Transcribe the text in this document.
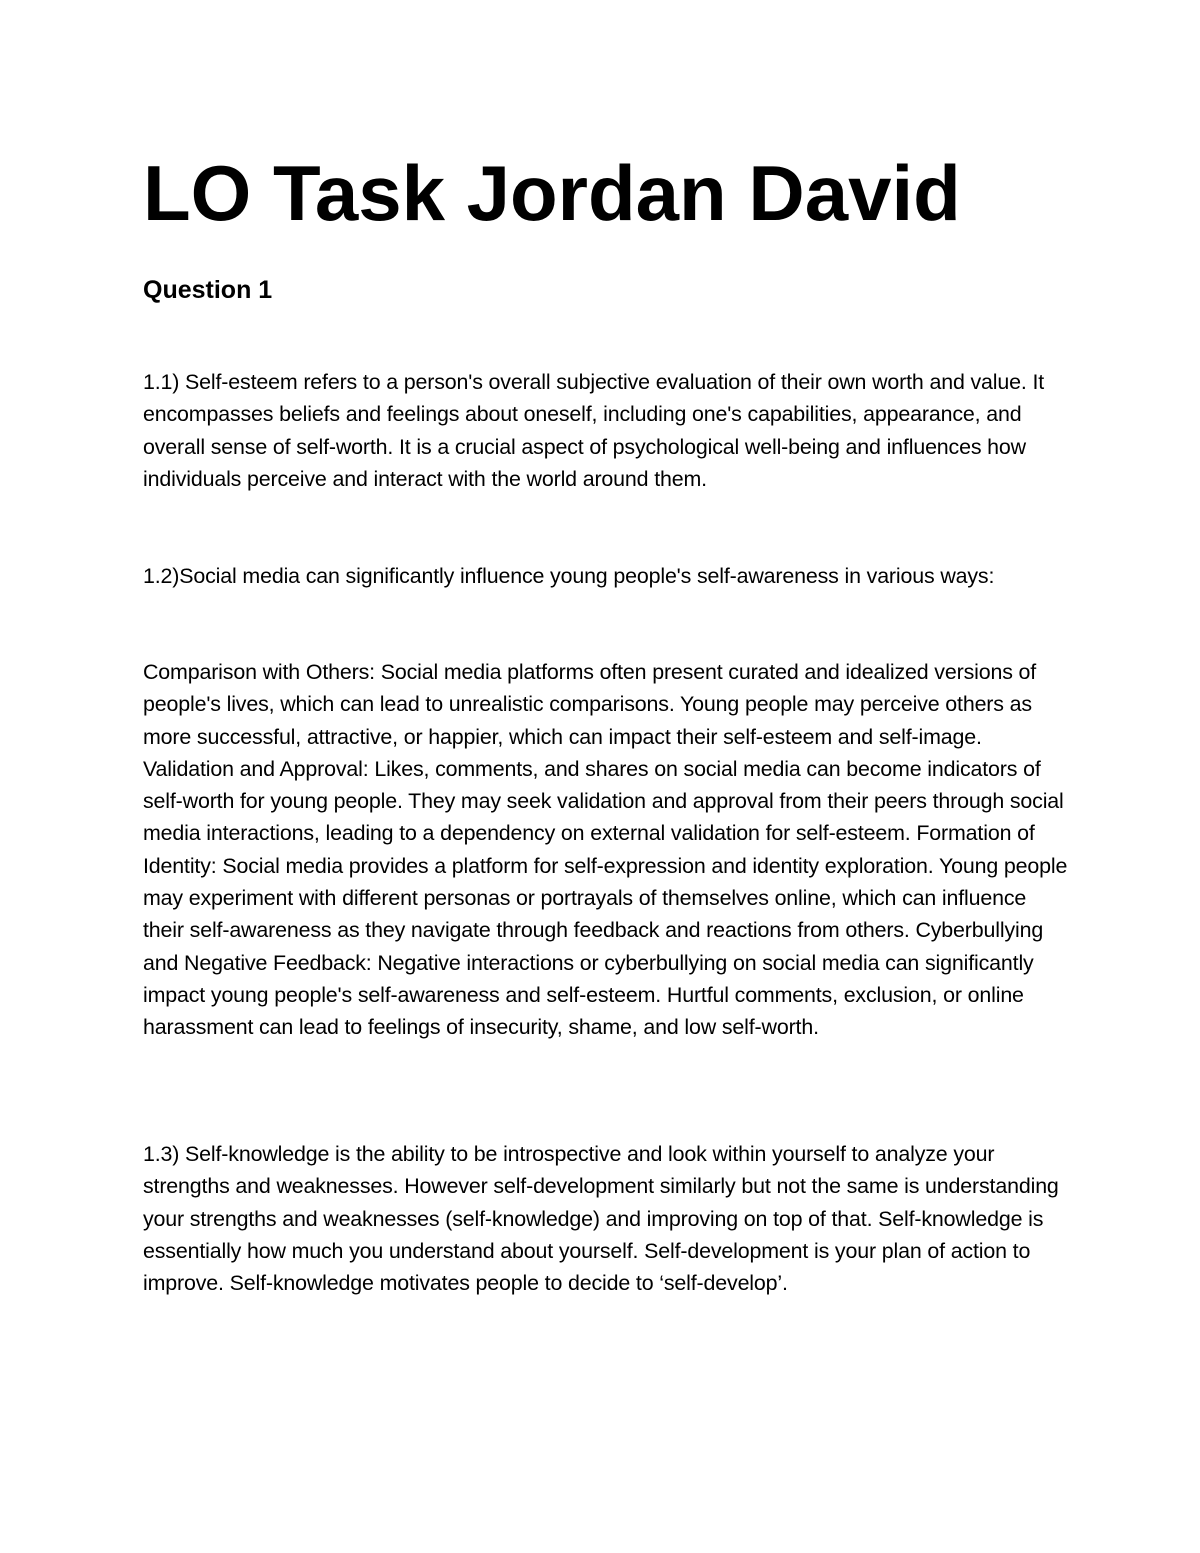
LO Task Jordan David
Question 1

1.1) Self-esteem refers to a person's overall subjective evaluation of their own worth and value. It encompasses beliefs and feelings about oneself, including one's capabilities, appearance, and overall sense of self-worth. It is a crucial aspect of psychological well-being and influences how individuals perceive and interact with the world around them.

1.2)Social media can significantly influence young people's self-awareness in various ways:

Comparison with Others: Social media platforms often present curated and idealized versions of people's lives, which can lead to unrealistic comparisons. Young people may perceive others as more successful, attractive, or happier, which can impact their self-esteem and self-image. Validation and Approval: Likes, comments, and shares on social media can become indicators of self-worth for young people. They may seek validation and approval from their peers through social media interactions, leading to a dependency on external validation for self-esteem. Formation of Identity: Social media provides a platform for self-expression and identity exploration. Young people may experiment with different personas or portrayals of themselves online, which can influence their self-awareness as they navigate through feedback and reactions from others. Cyberbullying and Negative Feedback: Negative interactions or cyberbullying on social media can significantly impact young people's self-awareness and self-esteem. Hurtful comments, exclusion, or online harassment can lead to feelings of insecurity, shame, and low self-worth.

1.3) Self-knowledge is the ability to be introspective and look within yourself to analyze your strengths and weaknesses. However self-development similarly but not the same is understanding your strengths and weaknesses (self-knowledge) and improving on top of that. Self-knowledge is essentially how much you understand about yourself. Self-development is your plan of action to improve. Self-knowledge motivates people to decide to ‘self-develop’.
